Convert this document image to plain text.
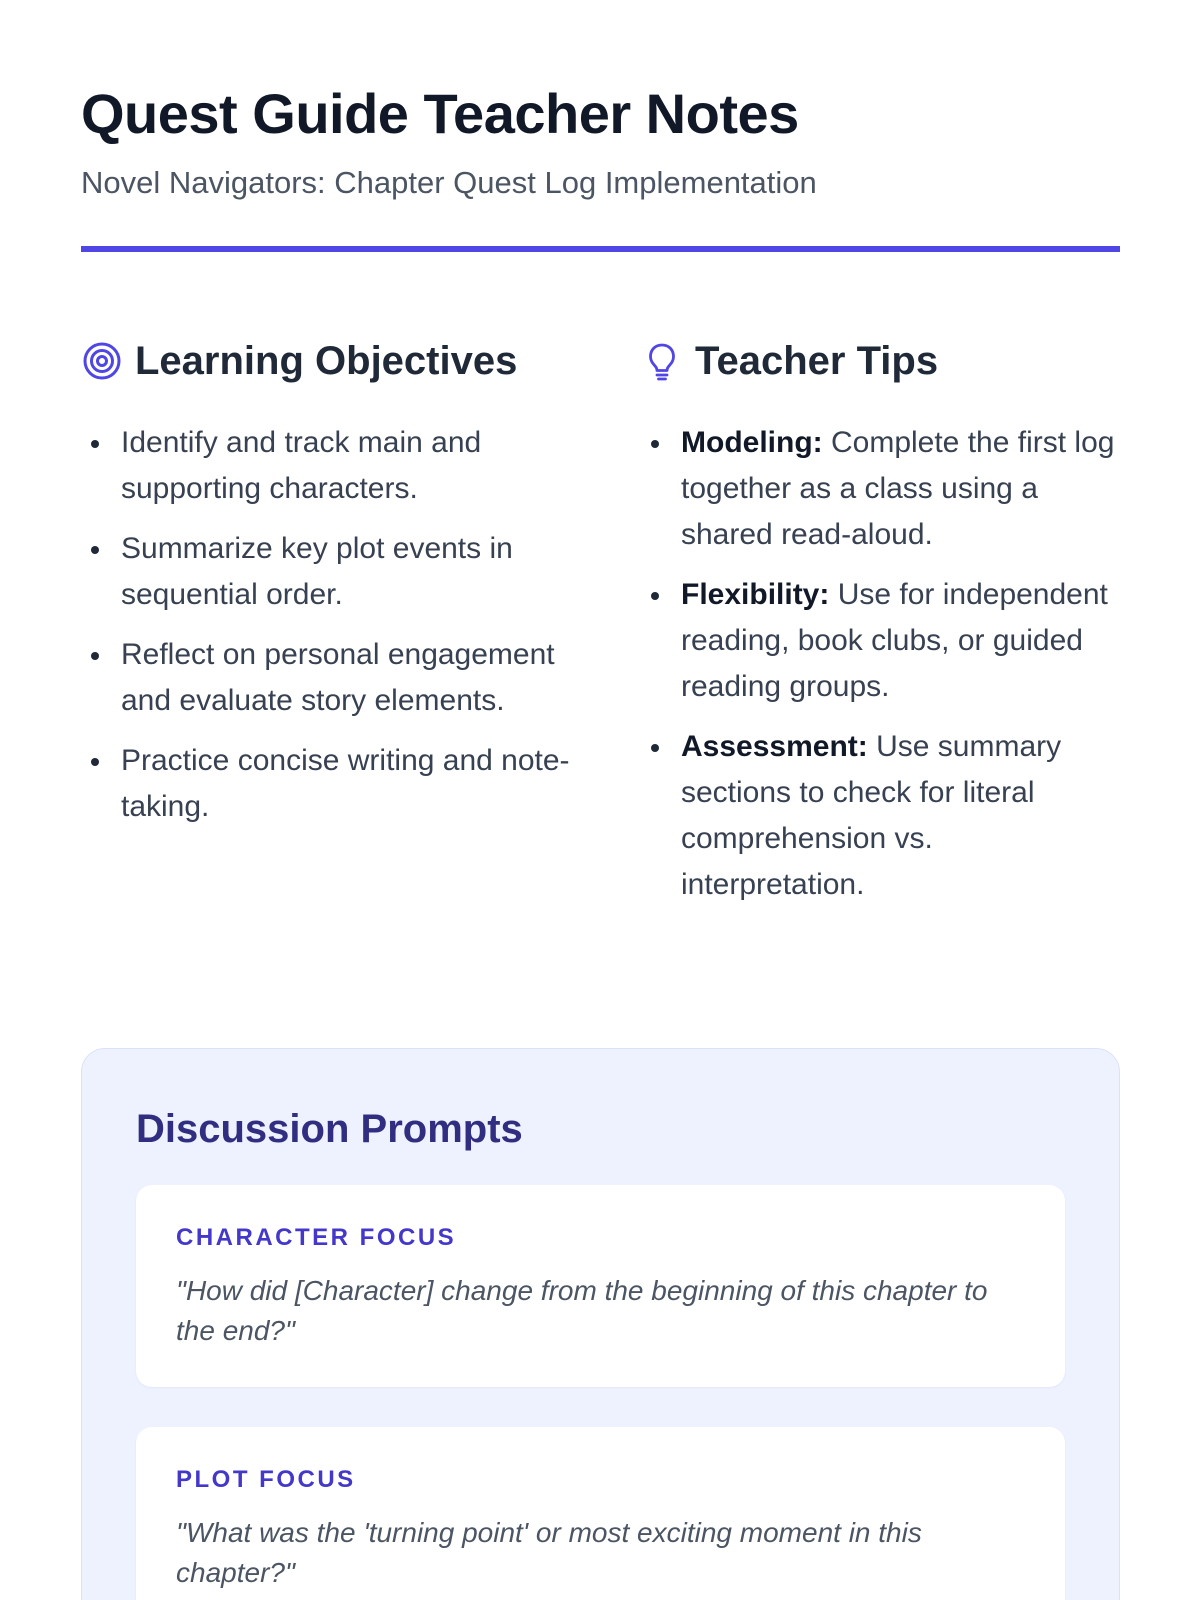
Quest Guide Teacher Notes

Novel Navigators: Chapter Quest Log Implementation

Learning Objectives
Identify and track main and supporting characters.
Summarize key plot events in sequential order.
Reflect on personal engagement and evaluate story elements.
Practice concise writing and note-taking.
Teacher Tips
Modeling: Complete the first log together as a class using a shared read-aloud.
Flexibility: Use for independent reading, book clubs, or guided reading groups.
Assessment: Use summary sections to check for literal comprehension vs. interpretation.
Discussion Prompts
CHARACTER FOCUS

"How did [Character] change from the beginning of this chapter to the end?"

PLOT FOCUS

"What was the 'turning point' or most exciting moment in this chapter?"
